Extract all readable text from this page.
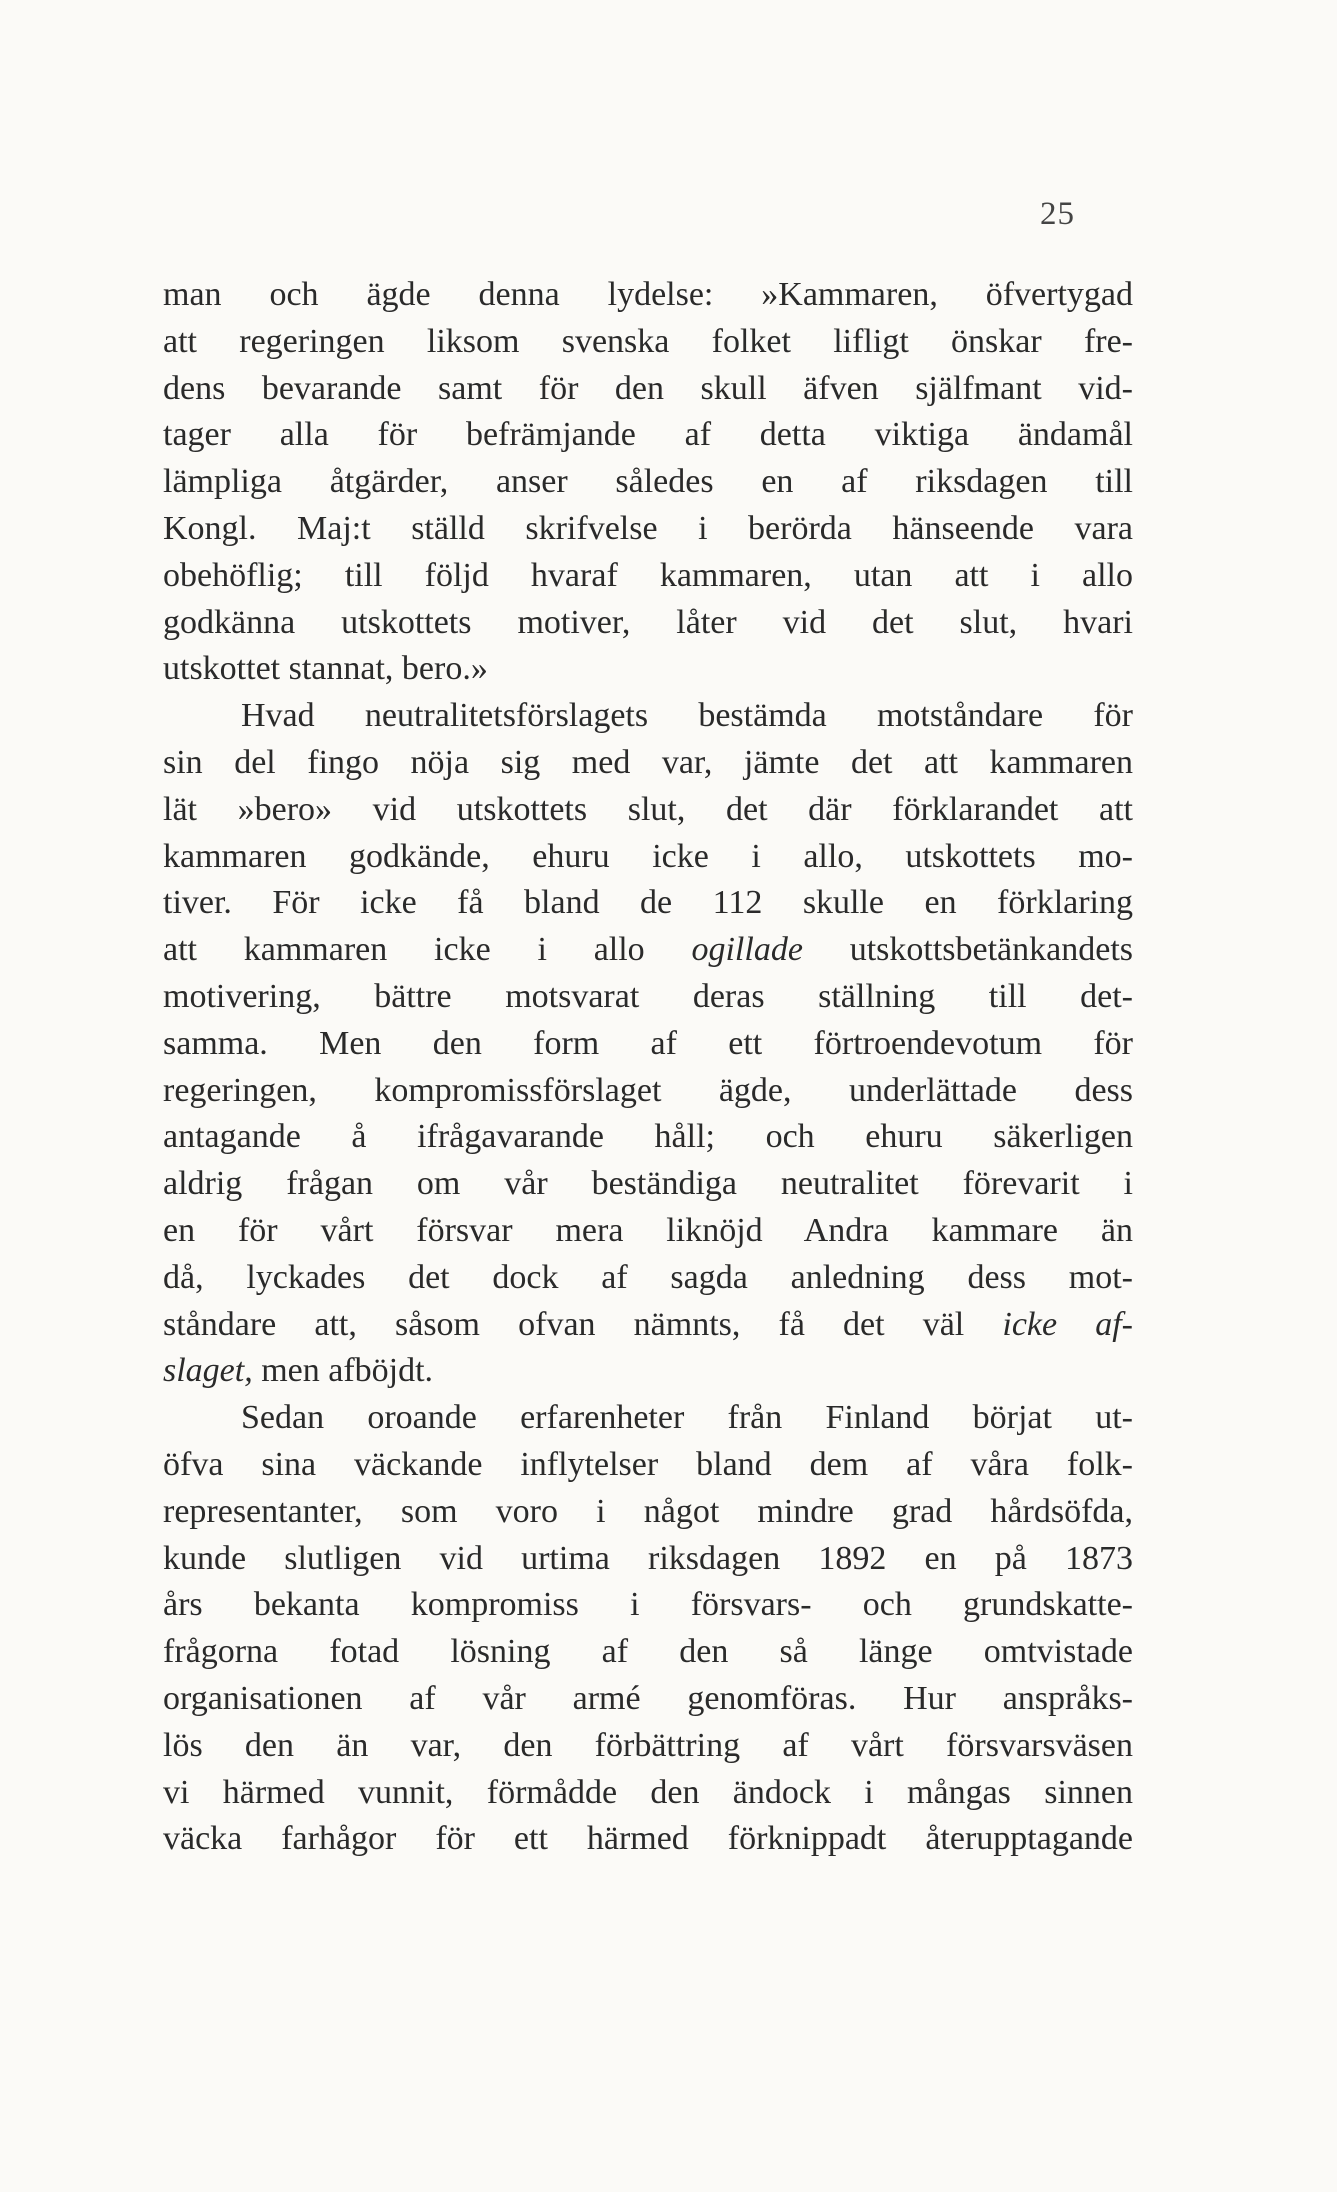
25
man och ägde denna lydelse: »Kammaren, öfvertygad
att regeringen liksom svenska folket lifligt önskar fre-
dens bevarande samt för den skull äfven själfmant vid-
tager alla för befrämjande af detta viktiga ändamål
lämpliga åtgärder, anser således en af riksdagen till
Kongl. Maj:t ställd skrifvelse i berörda hänseende vara
obehöflig; till följd hvaraf kammaren, utan att i allo
godkänna utskottets motiver, låter vid det slut, hvari
utskottet stannat, bero.»
Hvad neutralitetsförslagets bestämda motståndare för
sin del fingo nöja sig med var, jämte det att kammaren
lät »bero» vid utskottets slut, det där förklarandet att
kammaren godkände, ehuru icke i allo, utskottets mo-
tiver. För icke få bland de 112 skulle en förklaring
att kammaren icke i allo ogillade utskottsbetänkandets
motivering, bättre motsvarat deras ställning till det-
samma. Men den form af ett förtroendevotum för
regeringen, kompromissförslaget ägde, underlättade dess
antagande å ifrågavarande håll; och ehuru säkerligen
aldrig frågan om vår beständiga neutralitet förevarit i
en för vårt försvar mera liknöjd Andra kammare än
då, lyckades det dock af sagda anledning dess mot-
ståndare att, såsom ofvan nämnts, få det väl icke af-
slaget, men afböjdt.
Sedan oroande erfarenheter från Finland börjat ut-
öfva sina väckande inflytelser bland dem af våra folk-
representanter, som voro i något mindre grad hårdsöfda,
kunde slutligen vid urtima riksdagen 1892 en på 1873
års bekanta kompromiss i försvars- och grundskatte-
frågorna fotad lösning af den så länge omtvistade
organisationen af vår armé genomföras. Hur anspråks-
lös den än var, den förbättring af vårt försvarsväsen
vi härmed vunnit, förmådde den ändock i mångas sinnen
väcka farhågor för ett härmed förknippadt återupptagande
